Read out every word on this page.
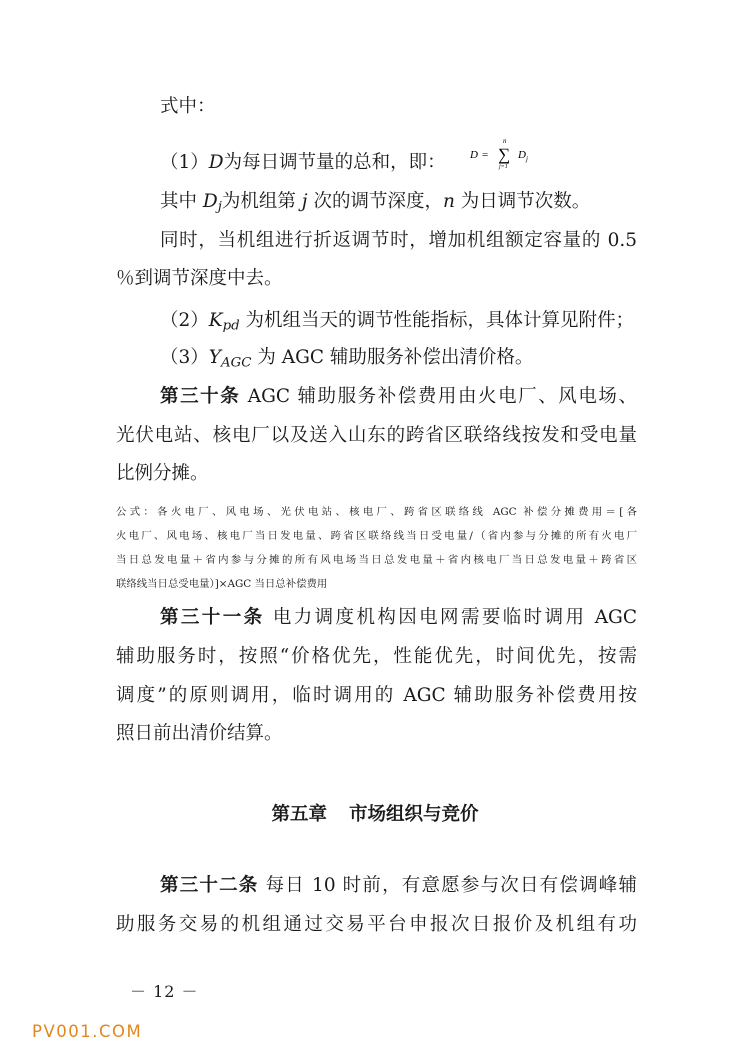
式中：
（1）D为每日调节量的总和，即： D =
n
∑
j=1
D j
其中 $D_j$为机组第 j 次的调节深度，n 为日调节次数。
同时，当机组进行折返调节时，增加机组额定容量的 0.5
％到调节深度中去。
$(2)K_{pd}$ 为机组当天的调节性能指标，具体计算见附件；
$(3)Y_{AGC}$ 为 AGC 辅助服务补偿出清价格。
第三十条 AGC 辅助服务补偿费用由火电厂、风电场、
光伏电站、核电厂以及送入山东的跨省区联络线按发和受电量
比例分摊。
公式：各火电厂、风电场、光伏电站、核电厂、跨省区联络线 AGC 补偿分摊费用＝[各
火电厂、风电场、核电厂当日发电量、跨省区联络线当日受电量/（省内参与分摊的所有火电厂
当日总发电量＋省内参与分摊的所有风电场当日总发电量＋省内核电厂当日总发电量＋跨省区
联络线当日总受电量）]×AGC 当日总补偿费用
第三十一条 电力调度机构因电网需要临时调用 AGC
辅助服务时，按照“价格优先，性能优先，时间优先，按需
调度”的原则调用，临时调用的 AGC 辅助服务补偿费用按
照日前出清价结算。
第五章 市场组织与竞价
第三十二条 每日 10 时前，有意愿参与次日有偿调峰辅
助服务交易的机组通过交易平台申报次日报价及机组有功
－ 12 －
PV001.COM
